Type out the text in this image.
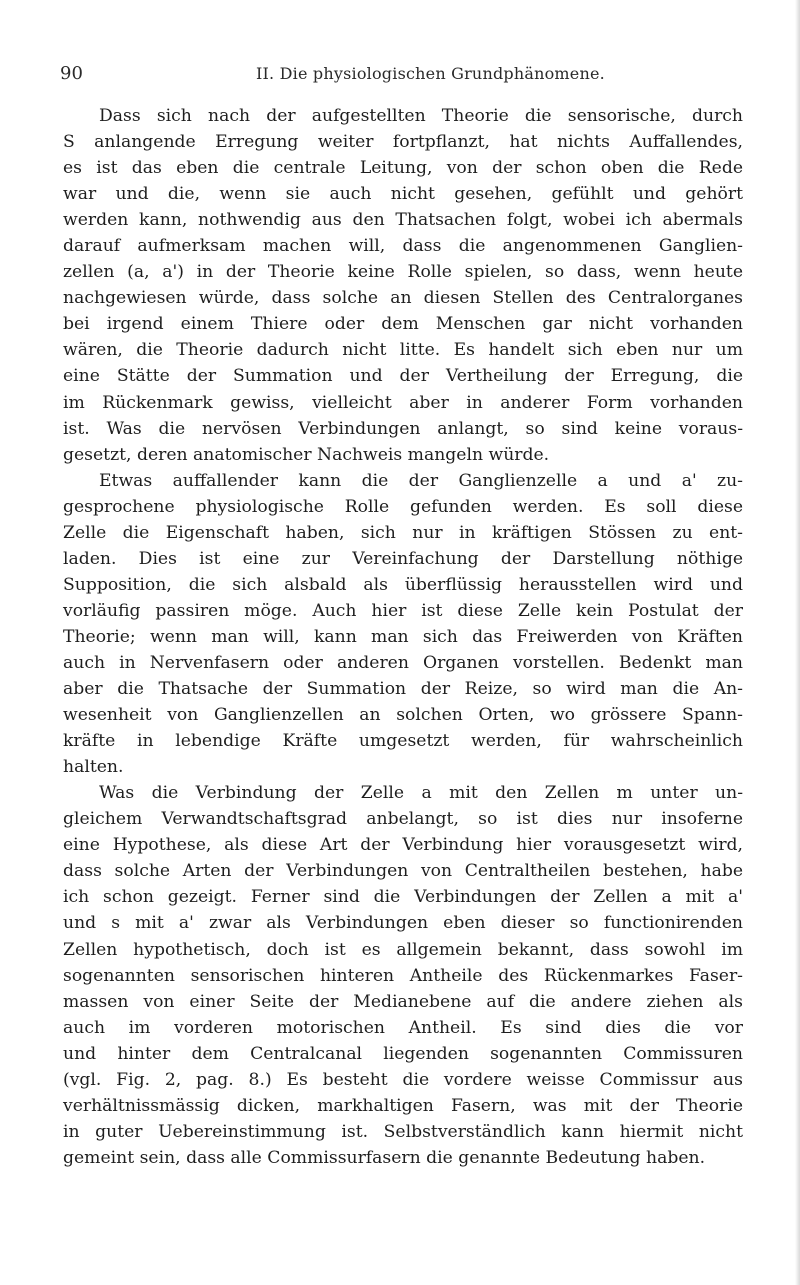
90	II. Die physiologischen Grundphänomene.
Dass sich nach der aufgestellten Theorie die sensorische, durch
S anlangende Erregung weiter fortpflanzt, hat nichts Auffallendes,
es ist das eben die centrale Leitung, von der schon oben die Rede
war und die, wenn sie auch nicht gesehen, gefühlt und gehört
werden kann, nothwendig aus den Thatsachen folgt, wobei ich abermals
darauf aufmerksam machen will, dass die angenommenen Ganglien-
zellen (a, a') in der Theorie keine Rolle spielen, so dass, wenn heute
nachgewiesen würde, dass solche an diesen Stellen des Centralorganes
bei irgend einem Thiere oder dem Menschen gar nicht vorhanden
wären, die Theorie dadurch nicht litte. Es handelt sich eben nur um
eine Stätte der Summation und der Vertheilung der Erregung, die
im Rückenmark gewiss, vielleicht aber in anderer Form vorhanden
ist. Was die nervösen Verbindungen anlangt, so sind keine voraus-
gesetzt, deren anatomischer Nachweis mangeln würde.
Etwas auffallender kann die der Ganglienzelle a und a' zu-
gesprochene physiologische Rolle gefunden werden. Es soll diese
Zelle die Eigenschaft haben, sich nur in kräftigen Stössen zu ent-
laden. Dies ist eine zur Vereinfachung der Darstellung nöthige
Supposition, die sich alsbald als überflüssig herausstellen wird und
vorläufig passiren möge. Auch hier ist diese Zelle kein Postulat der
Theorie; wenn man will, kann man sich das Freiwerden von Kräften
auch in Nervenfasern oder anderen Organen vorstellen. Bedenkt man
aber die Thatsache der Summation der Reize, so wird man die An-
wesenheit von Ganglienzellen an solchen Orten, wo grössere Spann-
kräfte in lebendige Kräfte umgesetzt werden, für wahrscheinlich
halten.
Was die Verbindung der Zelle a mit den Zellen m unter un-
gleichem Verwandtschaftsgrad anbelangt, so ist dies nur insoferne
eine Hypothese, als diese Art der Verbindung hier vorausgesetzt wird,
dass solche Arten der Verbindungen von Centraltheilen bestehen, habe
ich schon gezeigt. Ferner sind die Verbindungen der Zellen a mit a'
und s mit a' zwar als Verbindungen eben dieser so functionirenden
Zellen hypothetisch, doch ist es allgemein bekannt, dass sowohl im
sogenannten sensorischen hinteren Antheile des Rückenmarkes Faser-
massen von einer Seite der Medianebene auf die andere ziehen als
auch im vorderen motorischen Antheil. Es sind dies die vor
und hinter dem Centralcanal liegenden sogenannten Commissuren
(vgl. Fig. 2, pag. 8.) Es besteht die vordere weisse Commissur aus
verhältnissmässig dicken, markhaltigen Fasern, was mit der Theorie
in guter Uebereinstimmung ist. Selbstverständlich kann hiermit nicht
gemeint sein, dass alle Commissurfasern die genannte Bedeutung haben.
